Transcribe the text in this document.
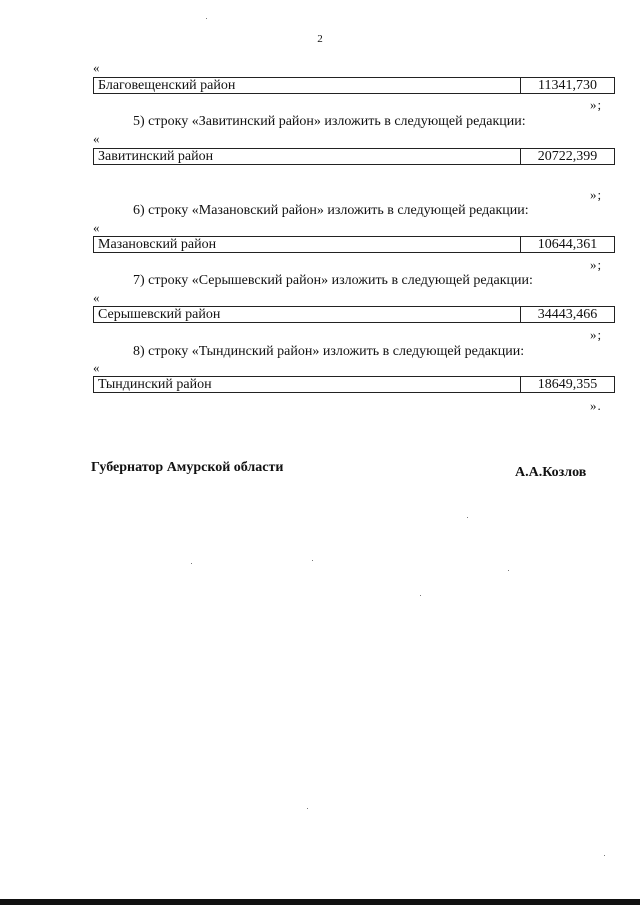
2
«
Благовещенский район	11341,730
»;
5) строку «Завитинский район» изложить в следующей редакции:
«
Завитинский район	20722,399
»;
6) строку «Мазановский район» изложить в следующей редакции:
«
Мазановский район	10644,361
»;
7) строку «Серышевский район» изложить в следующей редакции:
«
Серышевский район	34443,466
»;
8) строку «Тындинский район» изложить в следующей редакции:
«
Тындинский район	18649,355
».
Губернатор Амурской области	А.А.Козлов
